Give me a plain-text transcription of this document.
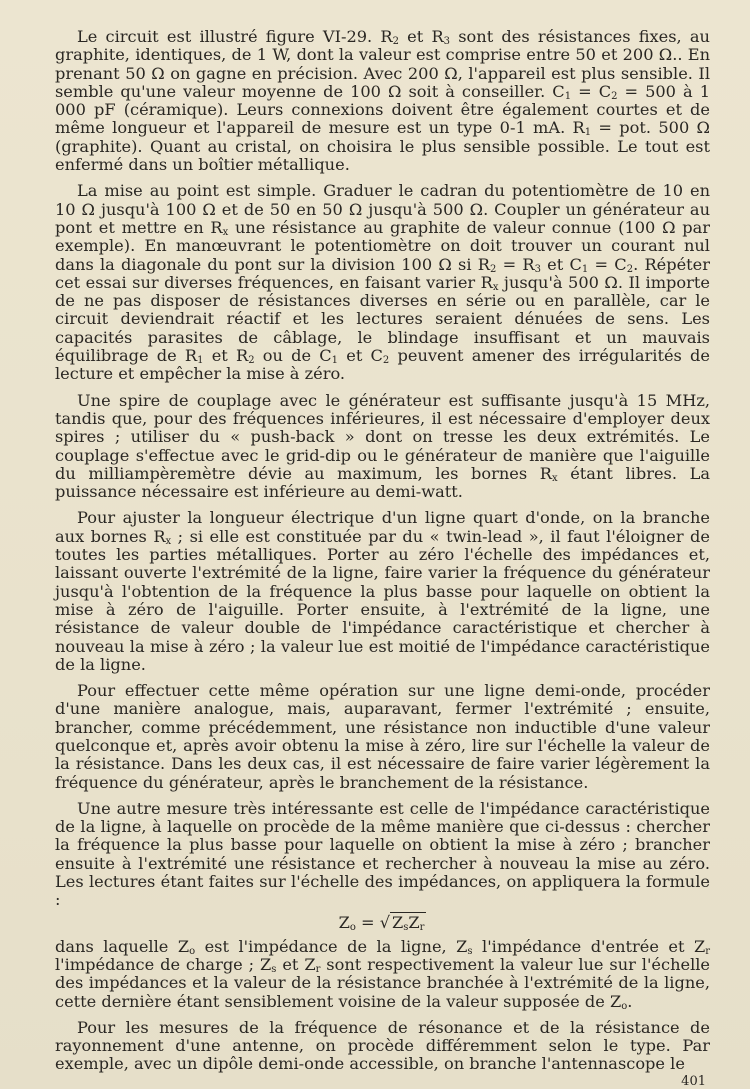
Le circuit est illustré figure VI-29. $R_2$ et $R_3$ sont des résistances fixes, au graphite, identiques, de 1 W, dont la valeur est comprise entre 50 et 200 Ω.. En prenant 50 Ω on gagne en précision. Avec 200 Ω, l'appareil est plus sensible. Il semble qu'une valeur moyenne de 100 Ω soit à conseiller. $C_1 = C_2 = 500$ à 1 000 pF (céramique). Leurs connexions doivent être également courtes et de même longueur et l'appareil de mesure est un type 0-1 mA. $R_1$ = pot. 500 Ω (graphite). Quant au cristal, on choisira le plus sensible possible. Le tout est enfermé dans un boîtier métallique.

La mise au point est simple. Graduer le cadran du potentiomètre de 10 en 10 Ω jusqu'à 100 Ω et de 50 en 50 Ω jusqu'à 500 Ω. Coupler un générateur au pont et mettre en $R_x$ une résistance au graphite de valeur connue (100 Ω par exemple). En manœuvrant le potentiomètre on doit trouver un courant nul dans la diagonale du pont sur la division 100 Ω si $R_2 = R_3$ et $C_1 = C_2$. Répéter cet essai sur diverses fréquences, en faisant varier $R_x$ jusqu'à 500 Ω. Il importe de ne pas disposer de résistances diverses en série ou en parallèle, car le circuit deviendrait réactif et les lectures seraient dénuées de sens. Les capacités parasites de câblage, le blindage insuffisant et un mauvais équilibrage de $R_1$ et $R_2$ ou de $C_1$ et $C_2$ peuvent amener des irrégularités de lecture et empêcher la mise à zéro.

Une spire de couplage avec le générateur est suffisante jusqu'à 15 MHz, tandis que, pour des fréquences inférieures, il est nécessaire d'employer deux spires ; utiliser du « push-back » dont on tresse les deux extrémités. Le couplage s'effectue avec le grid-dip ou le générateur de manière que l'aiguille du milliampèremètre dévie au maximum, les bornes $R_x$ étant libres. La puissance nécessaire est inférieure au demi-watt.

Pour ajuster la longueur électrique d'un ligne quart d'onde, on la branche aux bornes $R_x$ ; si elle est constituée par du « twin-lead », il faut l'éloigner de toutes les parties métalliques. Porter au zéro l'échelle des impédances et, laissant ouverte l'extrémité de la ligne, faire varier la fréquence du générateur jusqu'à l'obtention de la fréquence la plus basse pour laquelle on obtient la mise à zéro de l'aiguille. Porter ensuite, à l'extrémité de la ligne, une résistance de valeur double de l'impédance caractéristique et chercher à nouveau la mise à zéro ; la valeur lue est moitié de l'impédance caractéristique de la ligne.

Pour effectuer cette même opération sur une ligne demi-onde, procéder d'une manière analogue, mais, auparavant, fermer l'extrémité ; ensuite, brancher, comme précédemment, une résistance non inductible d'une valeur quelconque et, après avoir obtenu la mise à zéro, lire sur l'échelle la valeur de la résistance. Dans les deux cas, il est nécessaire de faire varier légèrement la fréquence du générateur, après le branchement de la résistance.

Une autre mesure très intéressante est celle de l'impédance caractéristique de la ligne, à laquelle on procède de la même manière que ci-dessus : chercher la fréquence la plus basse pour laquelle on obtient la mise à zéro ; brancher ensuite à l'extrémité une résistance et rechercher à nouveau la mise au zéro. Les lectures étant faites sur l'échelle des impédances, on appliquera la formule :

$Z_o$ = √ $Z_sZ_r$

dans laquelle $Z_o$ est l'impédance de la ligne, $Z_s$ l'impédance d'entrée et $Z_r$ l'impédance de charge ; $Z_s$ et $Z_r$ sont respectivement la valeur lue sur l'échelle des impédances et la valeur de la résistance branchée à l'extrémité de la ligne, cette dernière étant sensiblement voisine de la valeur supposée de $Z_o$.

Pour les mesures de la fréquence de résonance et de la résistance de rayonnement d'une antenne, on procède différemment selon le type. Par exemple, avec un dipôle demi-onde accessible, on branche l'antennascope le

401
